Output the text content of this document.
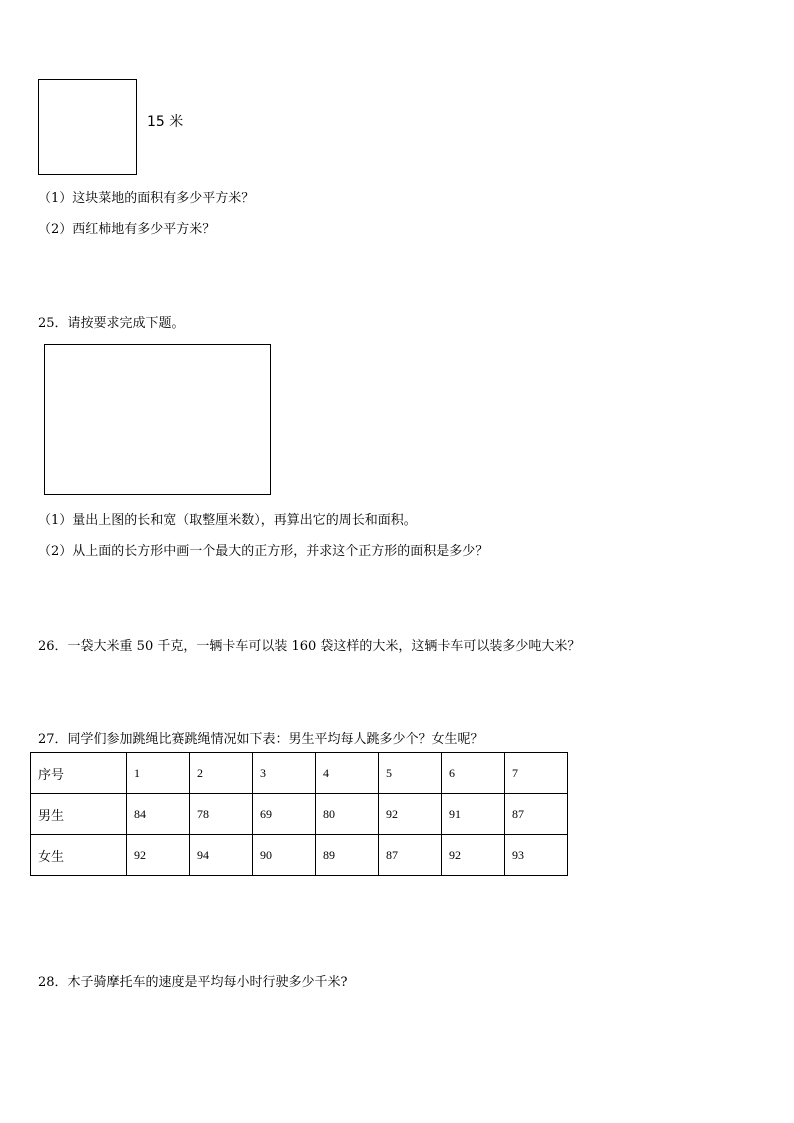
15 米
（1）这块菜地的面积有多少平方米？
（2）西红柿地有多少平方米？
25．请按要求完成下题。
（1）量出上图的长和宽（取整厘米数），再算出它的周长和面积。
（2）从上面的长方形中画一个最大的正方形，并求这个正方形的面积是多少？
26．一袋大米重 50 千克，一辆卡车可以装 160 袋这样的大米，这辆卡车可以装多少吨大米？
27．同学们参加跳绳比赛跳绳情况如下表：男生平均每人跳多少个？女生呢？
序号	1	2	3	4	5	6	7
男生	84	78	69	80	92	91	87
女生	92	94	90	89	87	92	93
28．木子骑摩托车的速度是平均每小时行驶多少千米?
